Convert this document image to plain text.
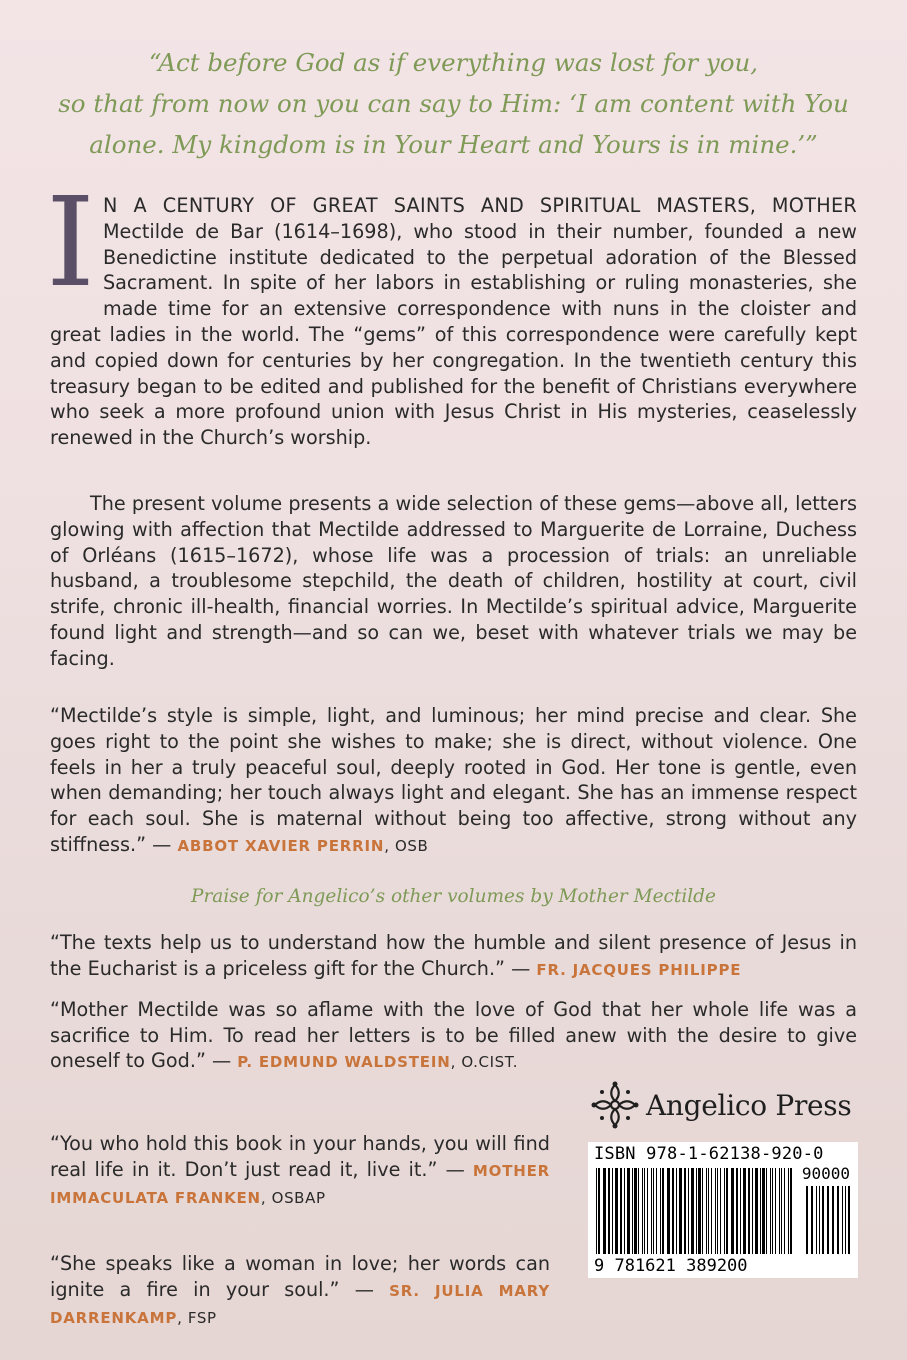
“Act before God as if everything was lost for you,
so that from now on you can say to Him: ‘I am content with You
alone. My kingdom is in Your Heart and Yours is in mine.’”
I N A CENTURY OF GREAT SAINTS AND SPIRITUAL MASTERS, MOTHER Mectilde de Bar (1614–1698), who stood in their number, founded a new Benedictine institute dedicated to the perpetual adoration of the Blessed Sacrament. In spite of her labors in establishing or ruling monasteries, she made time for an extensive correspondence with nuns in the cloister and great ladies in the world. The “gems” of this correspondence were carefully kept and copied down for centuries by her congregation. In the twentieth century this treasury began to be edited and published for the benefit of Christians everywhere who seek a more profound union with Jesus Christ in His mysteries, ceaselessly renewed in the Church’s worship.
The present volume presents a wide selection of these gems—above all, letters glowing with affection that Mectilde addressed to Marguerite de Lorraine, Duchess of Orléans (1615–1672), whose life was a procession of trials: an unreliable husband, a troublesome stepchild, the death of children, hostility at court, civil strife, chronic ill-health, financial worries. In Mectilde’s spiritual advice, Marguerite found light and strength—and so can we, beset with whatever trials we may be facing.
“Mectilde’s style is simple, light, and luminous; her mind precise and clear. She goes right to the point she wishes to make; she is direct, without violence. One feels in her a truly peaceful soul, deeply rooted in God. Her tone is gentle, even when demanding; her touch always light and elegant. She has an immense respect for each soul. She is maternal without being too affective, strong without any stiffness.” — ABBOT XAVIER PERRIN, OSB
Praise for Angelico’s other volumes by Mother Mectilde
“The texts help us to understand how the humble and silent presence of Jesus in the Eucharist is a priceless gift for the Church.” — FR. JACQUES PHILIPPE
“Mother Mectilde was so aflame with the love of God that her whole life was a sacrifice to Him. To read her letters is to be filled anew with the desire to give oneself to God.” — P. EDMUND WALDSTEIN, O.CIST.
“You who hold this book in your hands, you will find real life in it. Don’t just read it, live it.” — MOTHER IMMACULATA FRANKEN, OSBAP
“She speaks like a woman in love; her words can ignite a fire in your soul.” — SR. JULIA MARY DARRENKAMP, FSP
Angelico Press
ISBN 978-1-62138-920-0
90000
9 781621 389200
